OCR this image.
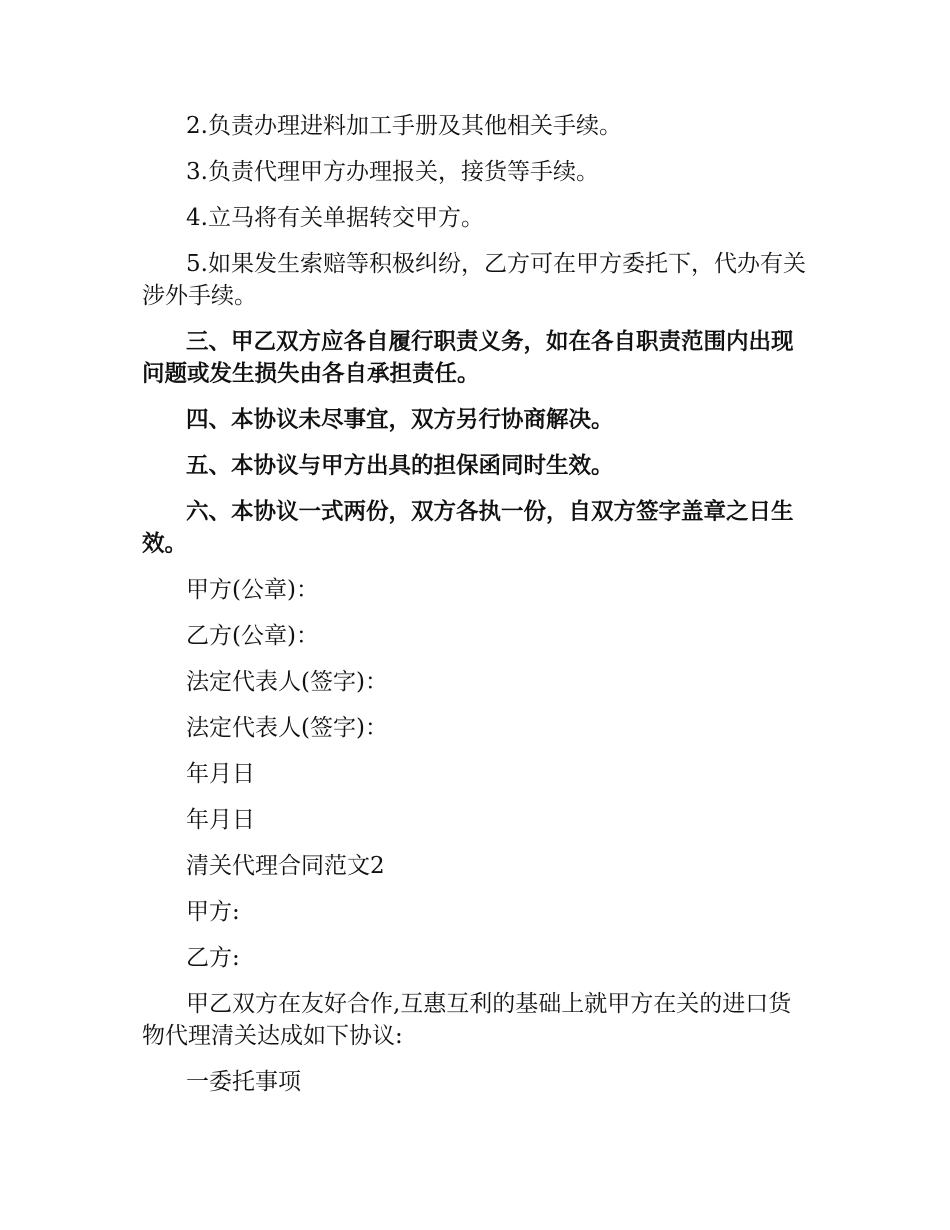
2.负责办理进料加工手册及其他相关手续。

3.负责代理甲方办理报关，接货等手续。

4.立马将有关单据转交甲方。

5.如果发生索赔等积极纠纷，乙方可在甲方委托下，代办有关涉外手续。

三、甲乙双方应各自履行职责义务，如在各自职责范围内出现问题或发生损失由各自承担责任。

四、本协议未尽事宜，双方另行协商解决。

五、本协议与甲方出具的担保函同时生效。

六、本协议一式两份，双方各执一份，自双方签字盖章之日生效。

甲方(公章)：

乙方(公章)：

法定代表人(签字)：

法定代表人(签字)：

年月日

年月日

清关代理合同范文2

甲方:

乙方:

甲乙双方在友好合作,互惠互利的基础上就甲方在关的进口货物代理清关达成如下协议:

一委托事项
